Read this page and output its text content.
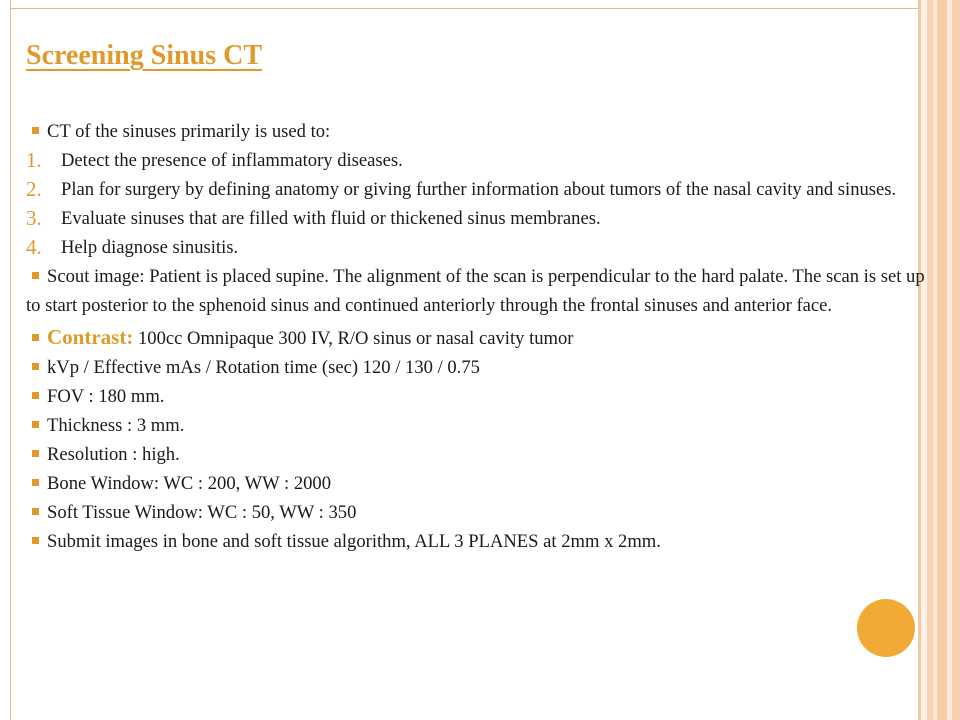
Screening Sinus CT
CT of the sinuses primarily is used to:
1. Detect the presence of inflammatory diseases.
2. Plan for surgery by defining anatomy or giving further information about tumors of the nasal cavity and sinuses.
3. Evaluate sinuses that are filled with fluid or thickened sinus membranes.
4. Help diagnose sinusitis.
Scout image: Patient is placed supine. The alignment of the scan is perpendicular to the hard palate. The scan is set up to start posterior to the sphenoid sinus and continued anteriorly through the frontal sinuses and anterior face.
Contrast: 100cc Omnipaque 300 IV, R/O sinus or nasal cavity tumor
kVp / Effective mAs / Rotation time (sec) 120 / 130 / 0.75
FOV : 180 mm.
Thickness : 3 mm.
Resolution : high.
Bone Window: WC : 200, WW : 2000
Soft Tissue Window: WC : 50, WW : 350
Submit images in bone and soft tissue algorithm, ALL 3 PLANES at 2mm x 2mm.
